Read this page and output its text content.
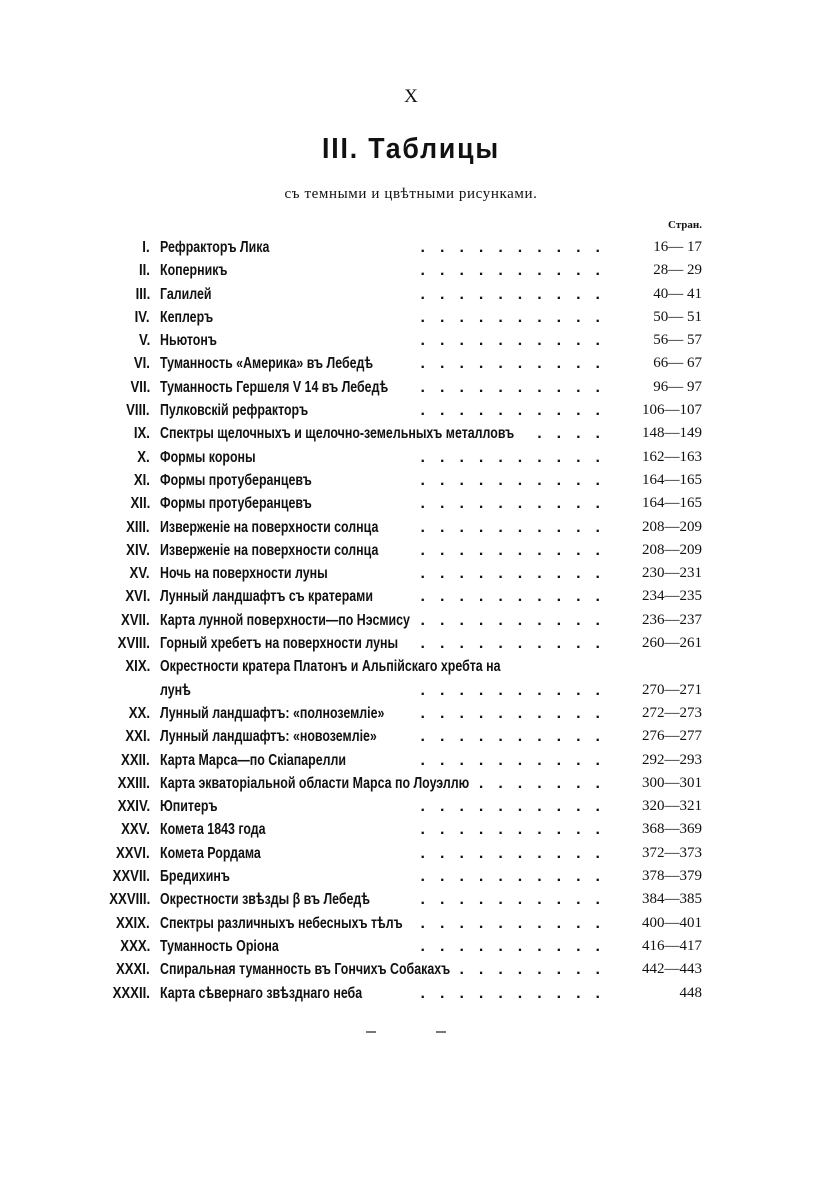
X
III. Таблицы
съ темными и цвѣтными рисунками.
Стран.
I. Рефракторъ Лика	..........	16— 17
II. Коперникъ	..........	28— 29
III. Галилей	..........	40— 41
IV. Кеплеръ	..........	50— 51
V. Ньютонъ	..........	56— 57
VI. Туманность «Америка» въ Лебедѣ	..........	66— 67
VII. Туманность Гершеля V 14 въ Лебедѣ ..........	96— 97
VIII. Пулковскій рефракторъ	.......... 106—107
IX. Спектры щелочныхъ и щелочно-земельныхъ металловъ .... 148—149
X. Формы короны	.......... 162—163
XI. Формы протуберанцевъ	.......... 164—165
XII. Формы протуберанцевъ	.......... 164—165
XIII. Изверженіе на поверхности солнца	.......... 208—209
XIV. Изверженіе на поверхности солнца	.......... 208—209
XV. Ночь на поверхности луны	.......... 230—231
XVI. Лунный ландшафтъ съ кратерами	.......... 234—235
XVII. Карта лунной поверхности—по Нэсмису .......... 236—237
XVIII. Горный хребетъ на поверхности луны .......... 260—261
XIX. Окрестности кратера Платонъ и Альпійскаго хребта на
лунѣ	.......... 270—271
XX. Лунный ландшафтъ: «полноземліе» .......... 272—273
XXI. Лунный ландшафтъ: «новоземліе»	.......... 276—277
XXII. Карта Марса—по Скіапарелли	.......... 292—293
XXIII. Карта экваторіальной области Марса по Лоуэллю ....... 300—301
XXIV. Юпитеръ	.......... 320—321
XXV. Комета 1843 года	.......... 368—369
XXVI. Комета Рордама	.......... 372—373
XXVII. Бредихинъ	.......... 378—379
XXVIII. Окрестности звѣзды β въ Лебедѣ	.......... 384—385
XXIX. Спектры различныхъ небесныхъ тѣлъ .......... 400—401
XXX. Туманность Оріона	.......... 416—417
XXXI. Спиральная туманность въ Гончихъ Собакахъ ........ 442—443
XXXII. Карта сѣвернаго звѣзднаго неба	..........	448
